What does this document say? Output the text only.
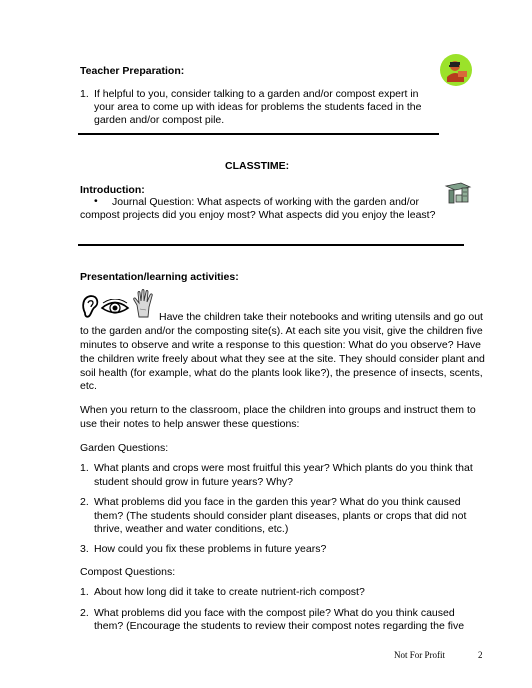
Teacher Preparation:
1. If helpful to you, consider talking to a garden and/or compost expert in
your area to come up with ideas for problems the students faced in the
garden and/or compost pile.
CLASSTIME:
Introduction:
• Journal Question: What aspects of working with the garden and/or
compost projects did you enjoy most? What aspects did you enjoy the least?
Presentation/learning activities:
Have the children take their notebooks and writing utensils and go out
to the garden and/or the composting site(s). At each site you visit, give the children five
minutes to observe and write a response to this question: What do you observe? Have
the children write freely about what they see at the site. They should consider plant and
soil health (for example, what do the plants look like?), the presence of insects, scents,
etc.
When you return to the classroom, place the children into groups and instruct them to
use their notes to help answer these questions:
Garden Questions:
1. What plants and crops were most fruitful this year? Which plants do you think that
student should grow in future years? Why?
2. What problems did you face in the garden this year? What do you think caused
them? (The students should consider plant diseases, plants or crops that did not
thrive, weather and water conditions, etc.)
3. How could you fix these problems in future years?
Compost Questions:
1. About how long did it take to create nutrient-rich compost?
2. What problems did you face with the compost pile? What do you think caused
them? (Encourage the students to review their compost notes regarding the five
Not For Profit	2
